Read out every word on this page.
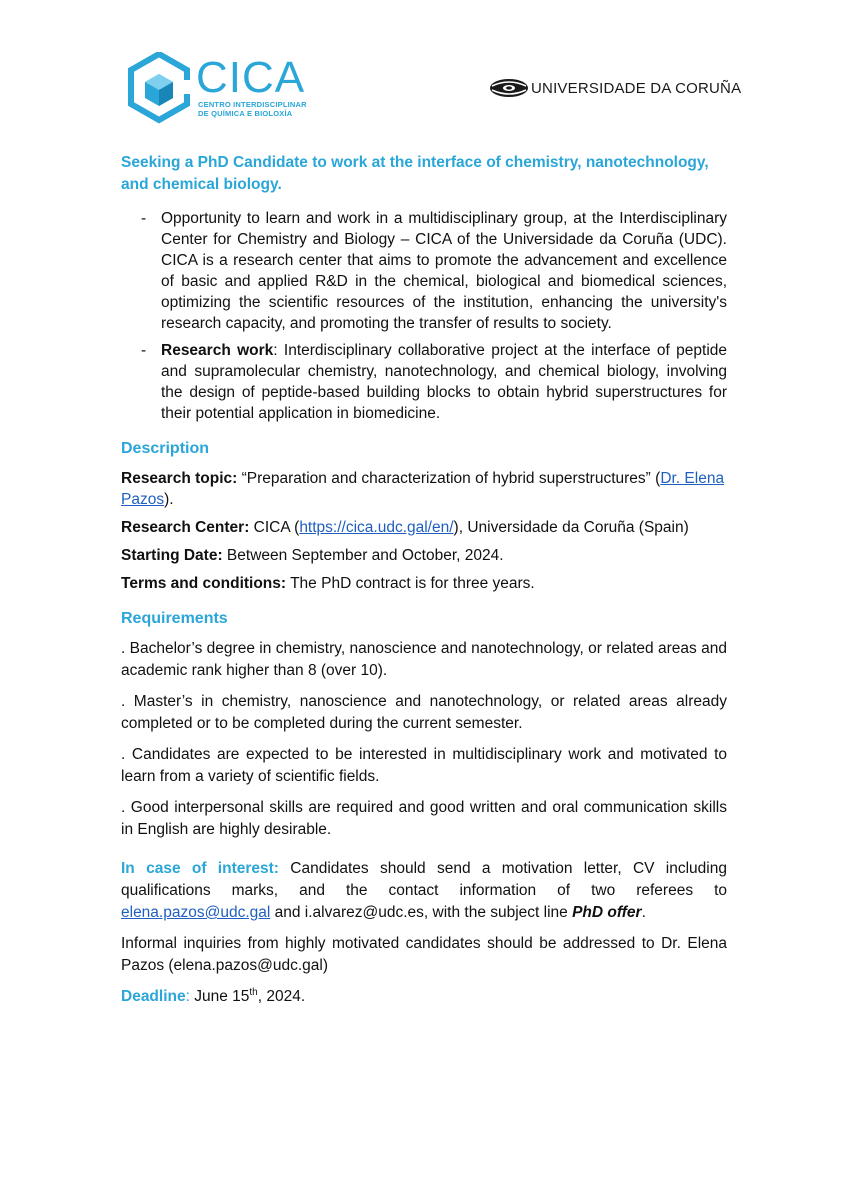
CICA
CENTRO INTERDISCIPLINAR
DE QUÍMICA E BIOLOXÍA
UNIVERSIDADE DA CORUÑA

Seeking a PhD Candidate to work at the interface of chemistry, nanotechnology, and chemical biology.

- Opportunity to learn and work in a multidisciplinary group, at the Interdisciplinary Center for Chemistry and Biology – CICA of the Universidade da Coruña (UDC). CICA is a research center that aims to promote the advancement and excellence of basic and applied R&D in the chemical, biological and biomedical sciences, optimizing the scientific resources of the institution, enhancing the university's research capacity, and promoting the transfer of results to society.
- Research work: Interdisciplinary collaborative project at the interface of peptide and supramolecular chemistry, nanotechnology, and chemical biology, involving the design of peptide-based building blocks to obtain hybrid superstructures for their potential application in biomedicine.
Description

Research topic: “Preparation and characterization of hybrid superstructures” (Dr. Elena Pazos).

Research Center: CICA (https://cica.udc.gal/en/), Universidade da Coruña (Spain)

Starting Date: Between September and October, 2024.

Terms and conditions: The PhD contract is for three years.

Requirements

. Bachelor’s degree in chemistry, nanoscience and nanotechnology, or related areas and academic rank higher than 8 (over 10).

. Master’s in chemistry, nanoscience and nanotechnology, or related areas already completed or to be completed during the current semester.

. Candidates are expected to be interested in multidisciplinary work and motivated to learn from a variety of scientific fields.

. Good interpersonal skills are required and good written and oral communication skills in English are highly desirable.

In case of interest: Candidates should send a motivation letter, CV including qualifications marks, and the contact information of two referees to elena.pazos@udc.gal and i.alvarez@udc.es, with the subject line PhD offer.

Informal inquiries from highly motivated candidates should be addressed to Dr. Elena Pazos (elena.pazos@udc.gal)

Deadline: June 15th, 2024.
